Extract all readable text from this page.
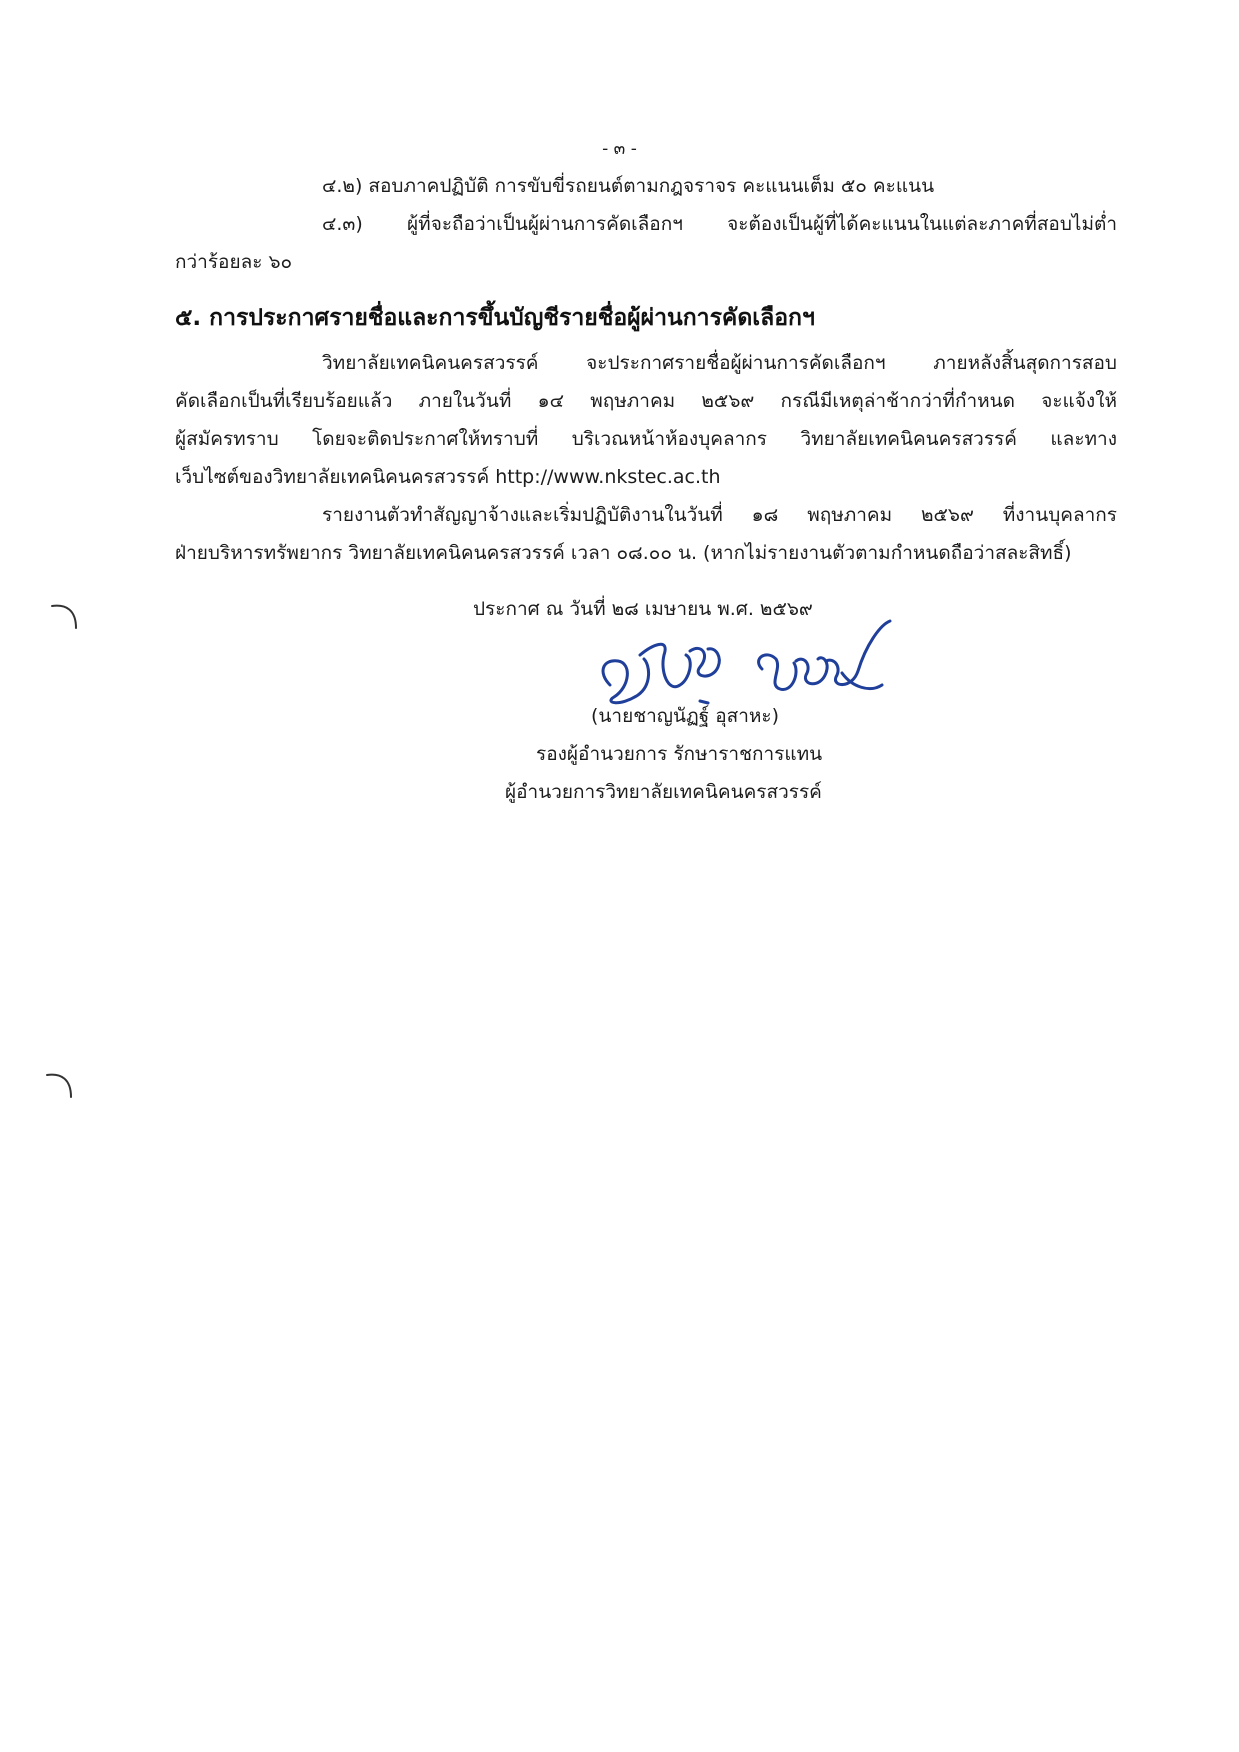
- ๓ -
๔.๒) สอบภาคปฏิบัติ การขับขี่รถยนต์ตามกฎจราจร คะแนนเต็ม ๕๐ คะแนน
๔.๓) ผู้ที่จะถือว่าเป็นผู้ผ่านการคัดเลือกฯ จะต้องเป็นผู้ที่ได้คะแนนในแต่ละภาคที่สอบไม่ต่ำ
กว่าร้อยละ ๖๐
๕. การประกาศรายชื่อและการขึ้นบัญชีรายชื่อผู้ผ่านการคัดเลือกฯ
วิทยาลัยเทคนิคนครสวรรค์ จะประกาศรายชื่อผู้ผ่านการคัดเลือกฯ ภายหลังสิ้นสุดการสอบ
คัดเลือกเป็นที่เรียบร้อยแล้ว ภายในวันที่ ๑๔ พฤษภาคม ๒๕๖๙ กรณีมีเหตุล่าช้ากว่าที่กำหนด จะแจ้งให้
ผู้สมัครทราบ โดยจะติดประกาศให้ทราบที่ บริเวณหน้าห้องบุคลากร วิทยาลัยเทคนิคนครสวรรค์ และทาง
เว็บไซต์ของวิทยาลัยเทคนิคนครสวรรค์ http://www.nkstec.ac.th
รายงานตัวทำสัญญาจ้างและเริ่มปฏิบัติงานในวันที่ ๑๘ พฤษภาคม ๒๕๖๙ ที่งานบุคลากร
ฝ่ายบริหารทรัพยากร วิทยาลัยเทคนิคนครสวรรค์ เวลา ๐๘.๐๐ น. (หากไม่รายงานตัวตามกำหนดถือว่าสละสิทธิ์)
ประกาศ ณ วันที่ ๒๘ เมษายน พ.ศ. ๒๕๖๙
(นายชาญนัฏฐ์ อุสาหะ)
รองผู้อำนวยการ รักษาราชการแทน
ผู้อำนวยการวิทยาลัยเทคนิคนครสวรรค์
